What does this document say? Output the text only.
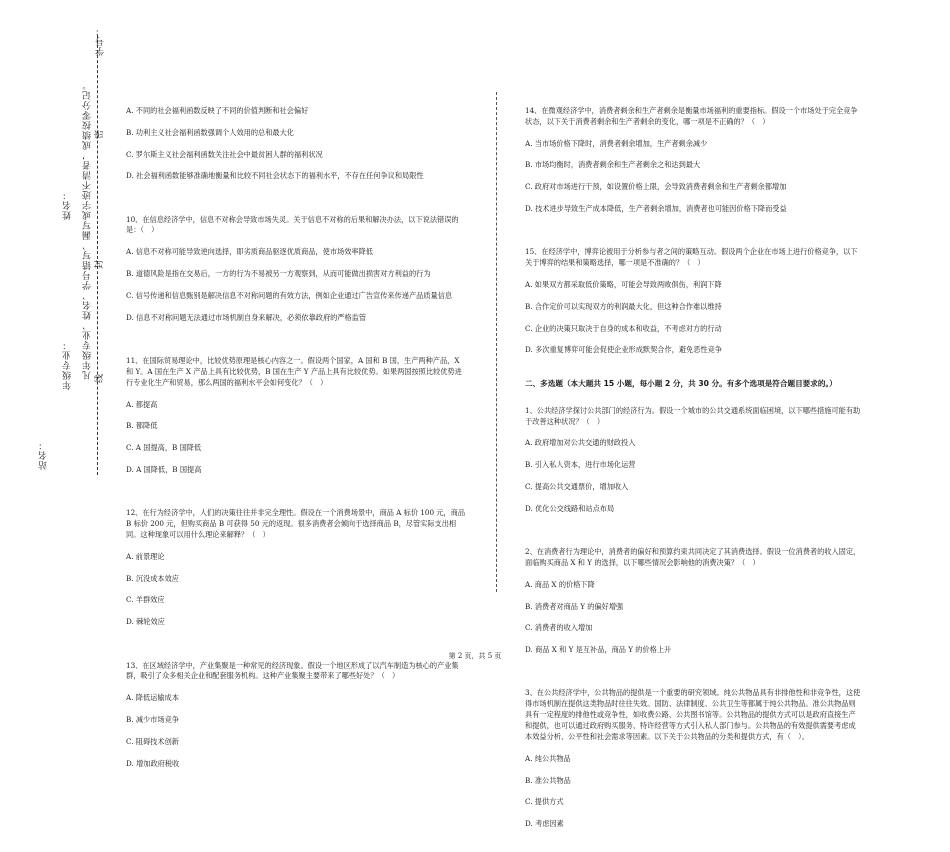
学号：
凡年级专业、姓名、学号错写、漏写或字迹不清者，成绩按零分记。
姓名：
年级专业：
站名：
密
封
线

A. 不同的社会福利函数反映了不同的价值判断和社会偏好

B. 功利主义社会福利函数强调个人效用的总和最大化

C. 罗尔斯主义社会福利函数关注社会中最贫困人群的福利状况

D. 社会福利函数能够准确地衡量和比较不同社会状态下的福利水平，不存在任何争议和局限性

10、在信息经济学中，信息不对称会导致市场失灵。关于信息不对称的后果和解决办法，以下说法错误的是：（　）

A. 信息不对称可能导致逆向选择，即劣质商品驱逐优质商品，使市场效率降低

B. 道德风险是指在交易后，一方的行为不易被另一方观察到，从而可能做出损害对方利益的行为

C. 信号传递和信息甄别是解决信息不对称问题的有效方法，例如企业通过广告宣传来传递产品质量信息

D. 信息不对称问题无法通过市场机制自身来解决，必须依靠政府的严格监管

11、在国际贸易理论中，比较优势原理是核心内容之一。假设两个国家，A 国和 B 国，生产两种产品，X 和 Y。A 国在生产 X 产品上具有比较优势，B 国在生产 Y 产品上具有比较优势。如果两国按照比较优势进行专业化生产和贸易，那么两国的福利水平会如何变化？（　）

A. 都提高

B. 都降低

C. A 国提高，B 国降低

D. A 国降低，B 国提高

12、在行为经济学中，人们的决策往往并非完全理性。假设在一个消费场景中，商品 A 标价 100 元，商品 B 标价 200 元，但购买商品 B 可获得 50 元的返现。很多消费者会倾向于选择商品 B，尽管实际支出相同。这种现象可以用什么理论来解释？（　）

A. 前景理论

B. 沉没成本效应

C. 羊群效应

D. 棘轮效应

13、在区域经济学中，产业集聚是一种常见的经济现象。假设一个地区形成了以汽车制造为核心的产业集群，吸引了众多相关企业和配套服务机构。这种产业集聚主要带来了哪些好处？（　）

A. 降低运输成本

B. 减少市场竞争

C. 阻碍技术创新

D. 增加政府税收

14、在微观经济学中，消费者剩余和生产者剩余是衡量市场福利的重要指标。假设一个市场处于完全竞争状态，以下关于消费者剩余和生产者剩余的变化，哪一项是不正确的？（　）

A. 当市场价格下降时，消费者剩余增加，生产者剩余减少

B. 市场均衡时，消费者剩余和生产者剩余之和达到最大

C. 政府对市场进行干预，如设置价格上限，会导致消费者剩余和生产者剩余都增加

D. 技术进步导致生产成本降低，生产者剩余增加，消费者也可能因价格下降而受益

15、在经济学中，博弈论被用于分析参与者之间的策略互动。假设两个企业在市场上进行价格竞争，以下关于博弈的结果和策略选择，哪一项是不准确的？（　）

A. 如果双方都采取低价策略，可能会导致两败俱伤，利润下降

B. 合作定价可以实现双方的利润最大化，但这种合作难以维持

C. 企业的决策只取决于自身的成本和收益，不考虑对方的行动

D. 多次重复博弈可能会促使企业形成默契合作，避免恶性竞争

二、多选题（本大题共 15 小题，每小题 2 分，共 30 分。有多个选项是符合题目要求的。）

1、公共经济学探讨公共部门的经济行为。假设一个城市的公共交通系统面临困境，以下哪些措施可能有助于改善这种状况？（　）

A. 政府增加对公共交通的财政投入

B. 引入私人资本，进行市场化运营

C. 提高公共交通票价，增加收入

D. 优化公交线路和站点布局

2、在消费者行为理论中，消费者的偏好和预算约束共同决定了其消费选择。假设一位消费者的收入固定，面临购买商品 X 和 Y 的选择，以下哪些情况会影响他的消费决策？（　）

A. 商品 X 的价格下降

B. 消费者对商品 Y 的偏好增强

C. 消费者的收入增加

D. 商品 X 和 Y 是互补品，商品 Y 的价格上升

3、在公共经济学中，公共物品的提供是一个重要的研究领域。纯公共物品具有非排他性和非竞争性，这使得市场机制在提供这类物品时往往失效。国防、法律制度、公共卫生等都属于纯公共物品。准公共物品则具有一定程度的排他性或竞争性，如收费公路、公共图书馆等。公共物品的提供方式可以是政府直接生产和提供，也可以通过政府购买服务、特许经营等方式引入私人部门参与。公共物品的有效提供需要考虑成本效益分析、公平性和社会需求等因素。以下关于公共物品的分类和提供方式，有（　）。

A. 纯公共物品

B. 准公共物品

C. 提供方式

D. 考虑因素

第 2 页，共 5 页
